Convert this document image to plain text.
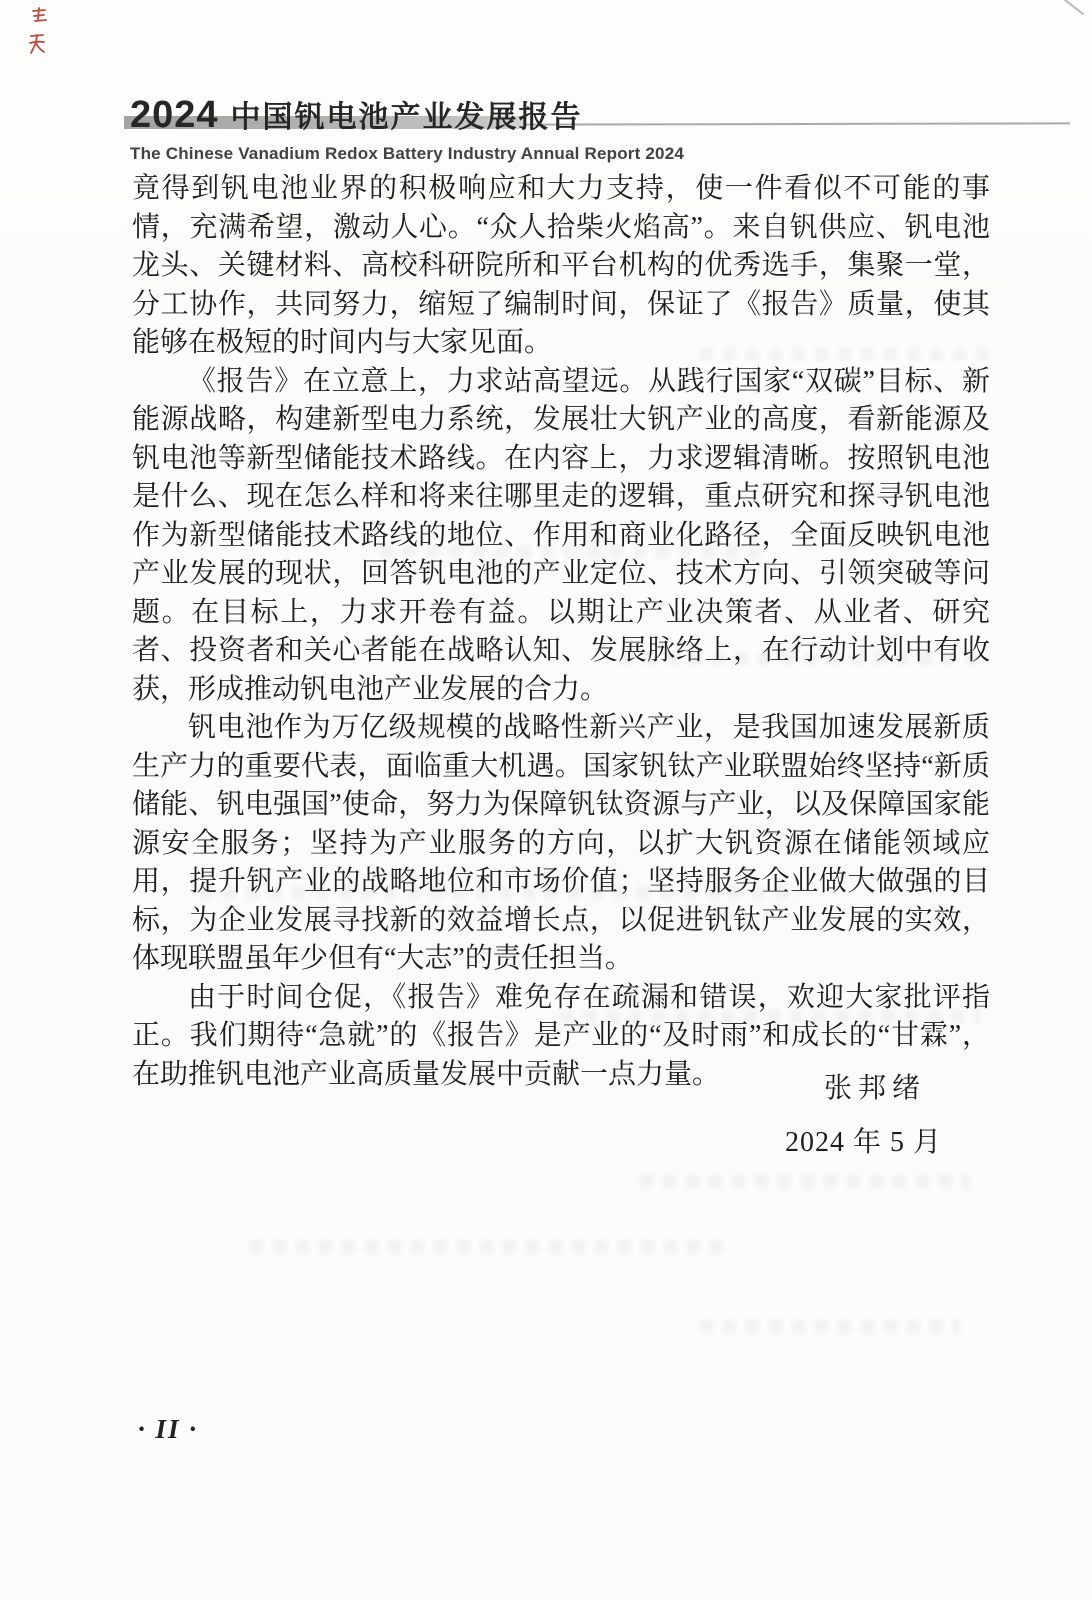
2024 中国钒电池产业发展报告
The Chinese Vanadium Redox Battery Industry Annual Report 2024

竟得到钒电池业界的积极响应和大力支持，使一件看似不可能的事情，充满希望，激动人心。“众人拾柴火焰高”。来自钒供应、钒电池龙头、关键材料、高校科研院所和平台机构的优秀选手，集聚一堂，分工协作，共同努力，缩短了编制时间，保证了《报告》质量，使其能够在极短的时间内与大家见面。

《报告》在立意上，力求站高望远。从践行国家“双碳”目标、新能源战略，构建新型电力系统，发展壮大钒产业的高度，看新能源及钒电池等新型储能技术路线。在内容上，力求逻辑清晰。按照钒电池是什么、现在怎么样和将来往哪里走的逻辑，重点研究和探寻钒电池作为新型储能技术路线的地位、作用和商业化路径，全面反映钒电池产业发展的现状，回答钒电池的产业定位、技术方向、引领突破等问题。在目标上，力求开卷有益。以期让产业决策者、从业者、研究者、投资者和关心者能在战略认知、发展脉络上，在行动计划中有收获，形成推动钒电池产业发展的合力。

钒电池作为万亿级规模的战略性新兴产业，是我国加速发展新质生产力的重要代表，面临重大机遇。国家钒钛产业联盟始终坚持“新质储能、钒电强国”使命，努力为保障钒钛资源与产业，以及保障国家能源安全服务；坚持为产业服务的方向，以扩大钒资源在储能领域应用，提升钒产业的战略地位和市场价值；坚持服务企业做大做强的目标，为企业发展寻找新的效益增长点，以促进钒钛产业发展的实效，体现联盟虽年少但有“大志”的责任担当。

由于时间仓促，《报告》难免存在疏漏和错误，欢迎大家批评指正。我们期待“急就”的《报告》是产业的“及时雨”和成长的“甘霖”，在助推钒电池产业高质量发展中贡献一点力量。	张邦绪
2024 年 5 月
· II ·
